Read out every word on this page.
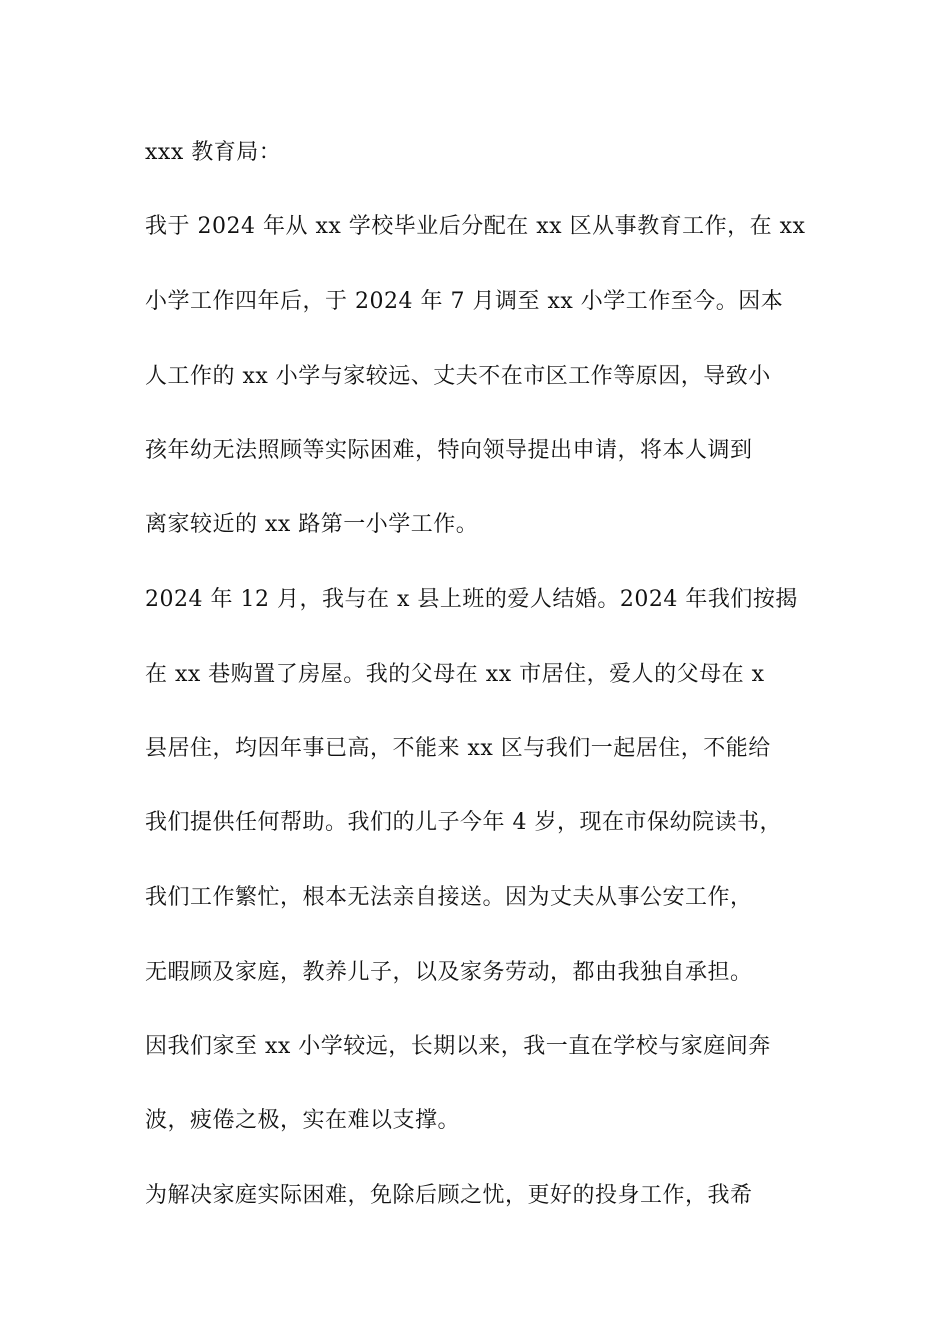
xxx 教育局：
我于 2024 年从 xx 学校毕业后分配在 xx 区从事教育工作，在 xx
小学工作四年后，于 2024 年 7 月调至 xx 小学工作至今。因本
人工作的 xx 小学与家较远、丈夫不在市区工作等原因，导致小
孩年幼无法照顾等实际困难，特向领导提出申请，将本人调到
离家较近的 xx 路第一小学工作。
2024 年 12 月，我与在 x 县上班的爱人结婚。2024 年我们按揭
在 xx 巷购置了房屋。我的父母在 xx 市居住，爱人的父母在 x
县居住，均因年事已高，不能来 xx 区与我们一起居住，不能给
我们提供任何帮助。我们的儿子今年 4 岁，现在市保幼院读书，
我们工作繁忙，根本无法亲自接送。因为丈夫从事公安工作，
无暇顾及家庭，教养儿子，以及家务劳动，都由我独自承担。
因我们家至 xx 小学较远，长期以来，我一直在学校与家庭间奔
波，疲倦之极，实在难以支撑。
为解决家庭实际困难，免除后顾之忧，更好的投身工作，我希
